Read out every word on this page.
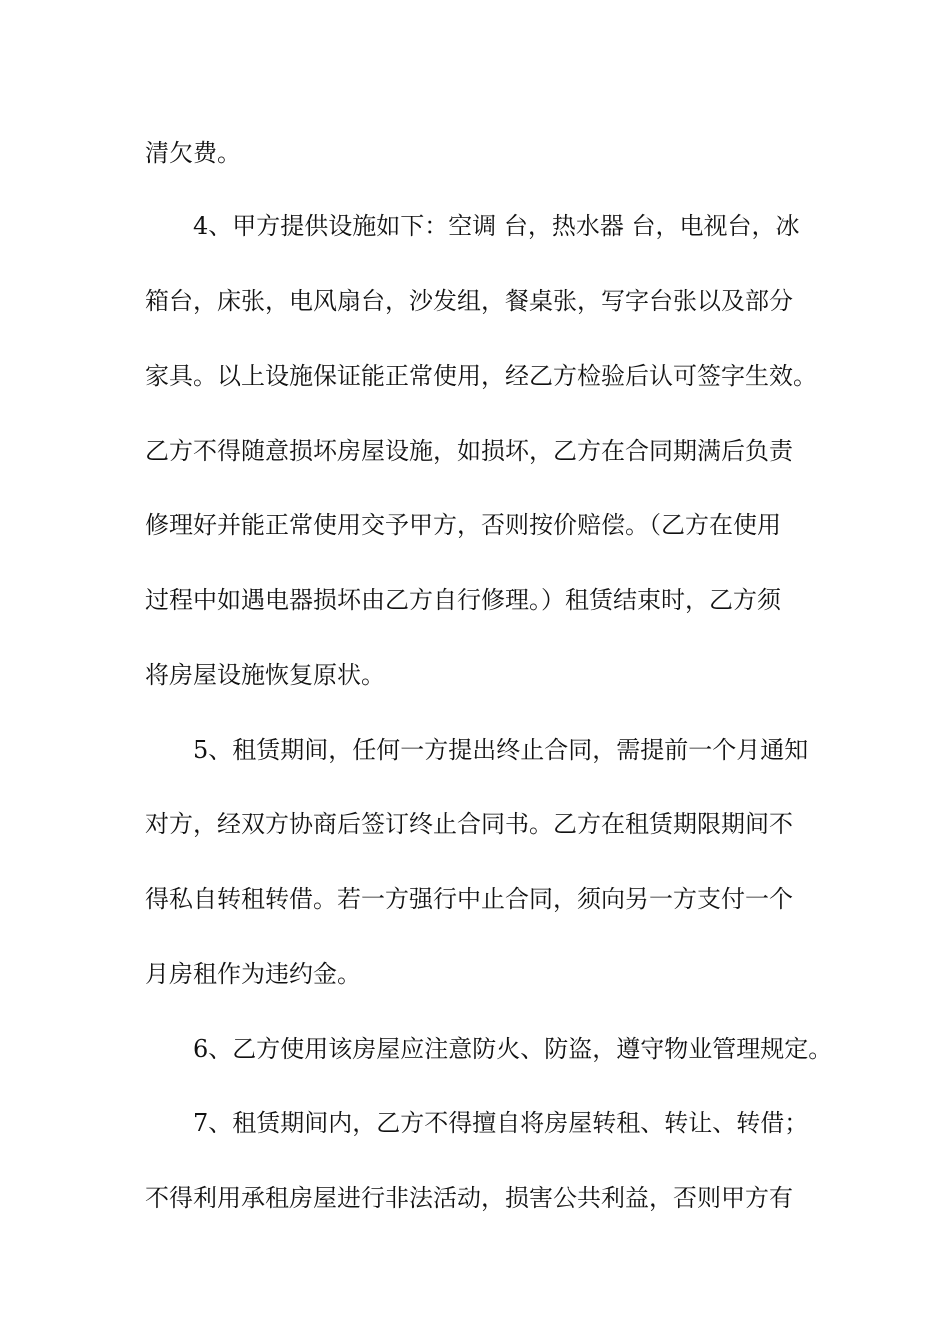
清欠费。
　　4、甲方提供设施如下：空调 台，热水器 台，电视台，冰
箱台，床张，电风扇台，沙发组，餐桌张，写字台张以及部分
家具。以上设施保证能正常使用，经乙方检验后认可签字生效。
乙方不得随意损坏房屋设施，如损坏，乙方在合同期满后负责
修理好并能正常使用交予甲方，否则按价赔偿。（乙方在使用
过程中如遇电器损坏由乙方自行修理。）租赁结束时，乙方须
将房屋设施恢复原状。
　　5、租赁期间，任何一方提出终止合同，需提前一个月通知
对方，经双方协商后签订终止合同书。乙方在租赁期限期间不
得私自转租转借。若一方强行中止合同，须向另一方支付一个
月房租作为违约金。
　　6、乙方使用该房屋应注意防火、防盗，遵守物业管理规定。
　　7、租赁期间内，乙方不得擅自将房屋转租、转让、转借；
不得利用承租房屋进行非法活动，损害公共利益，否则甲方有
